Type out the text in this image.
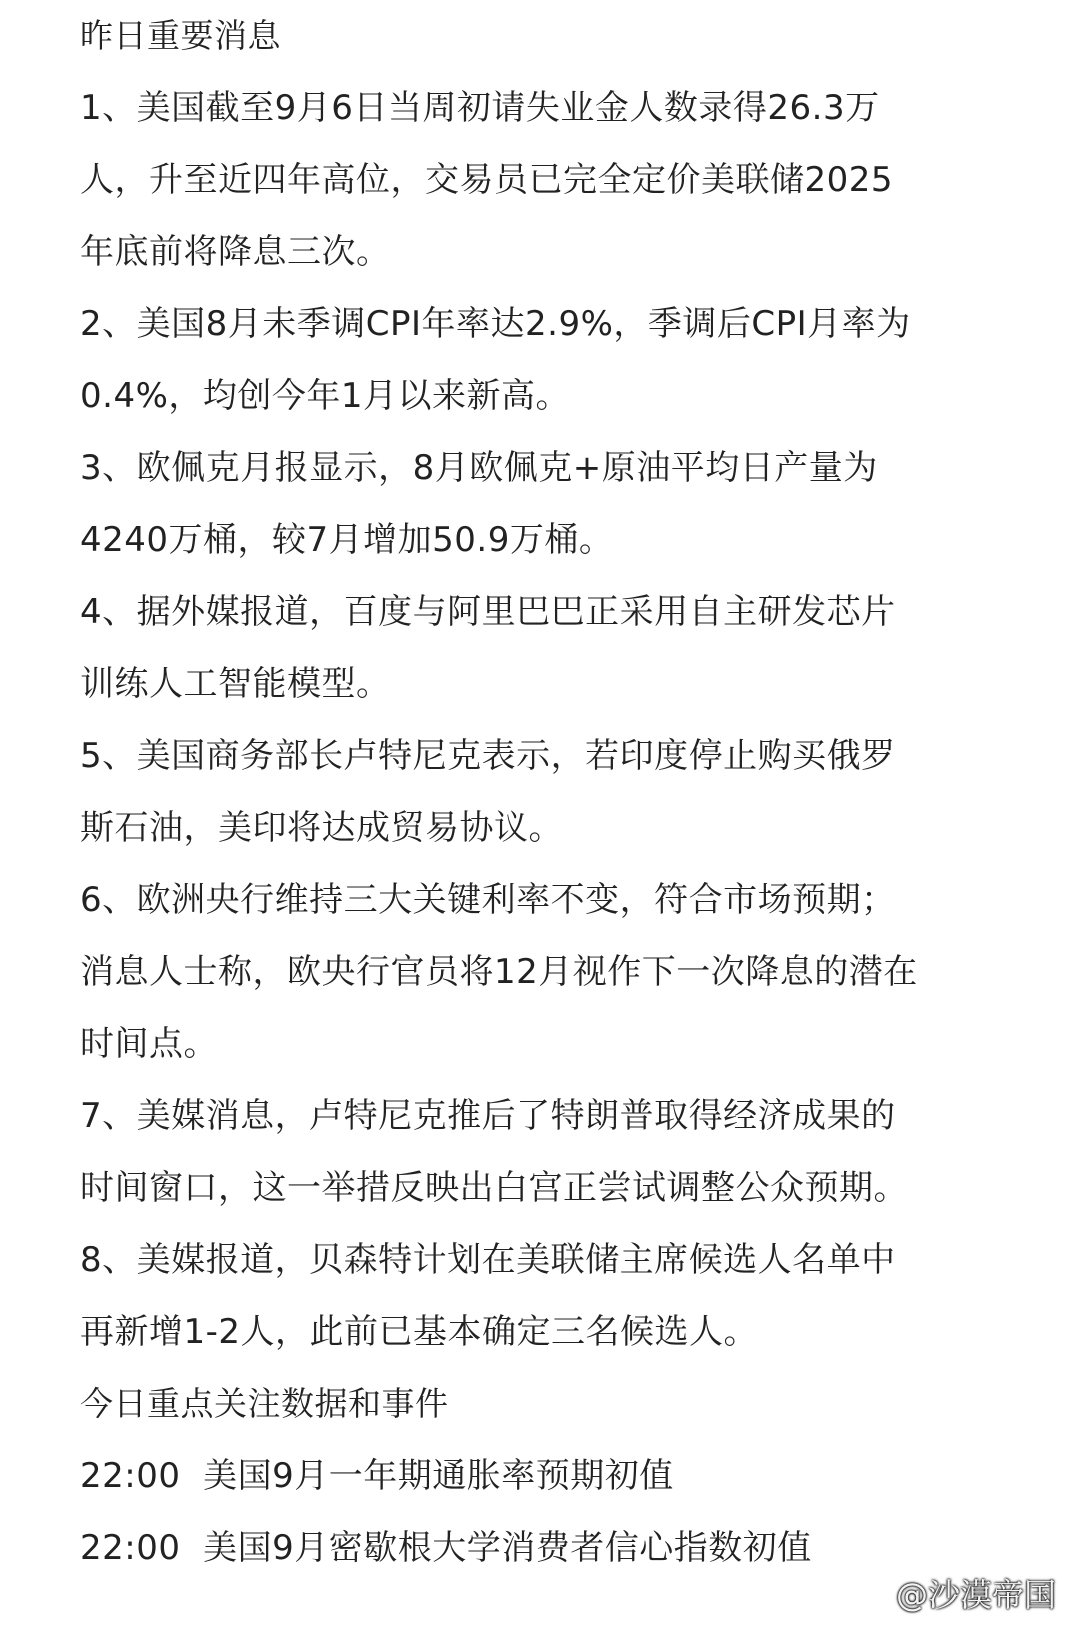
昨日重要消息
1、美国截至9月6日当周初请失业金人数录得26.3万
人，升至近四年高位，交易员已完全定价美联储2025
年底前将降息三次。
2、美国8月未季调CPI年率达2.9%，季调后CPI月率为
0.4%，均创今年1月以来新高。
3、欧佩克月报显示，8月欧佩克+原油平均日产量为
4240万桶，较7月增加50.9万桶。
4、据外媒报道，百度与阿里巴巴正采用自主研发芯片
训练人工智能模型。
5、美国商务部长卢特尼克表示，若印度停止购买俄罗
斯石油，美印将达成贸易协议。
6、欧洲央行维持三大关键利率不变，符合市场预期；
消息人士称，欧央行官员将12月视作下一次降息的潜在
时间点。
7、美媒消息，卢特尼克推后了特朗普取得经济成果的
时间窗口，这一举措反映出白宫正尝试调整公众预期。
8、美媒报道，贝森特计划在美联储主席候选人名单中
再新增1-2人，此前已基本确定三名候选人。
今日重点关注数据和事件
22:00 美国9月一年期通胀率预期初值
22:00 美国9月密歇根大学消费者信心指数初值
@沙漠帝国
